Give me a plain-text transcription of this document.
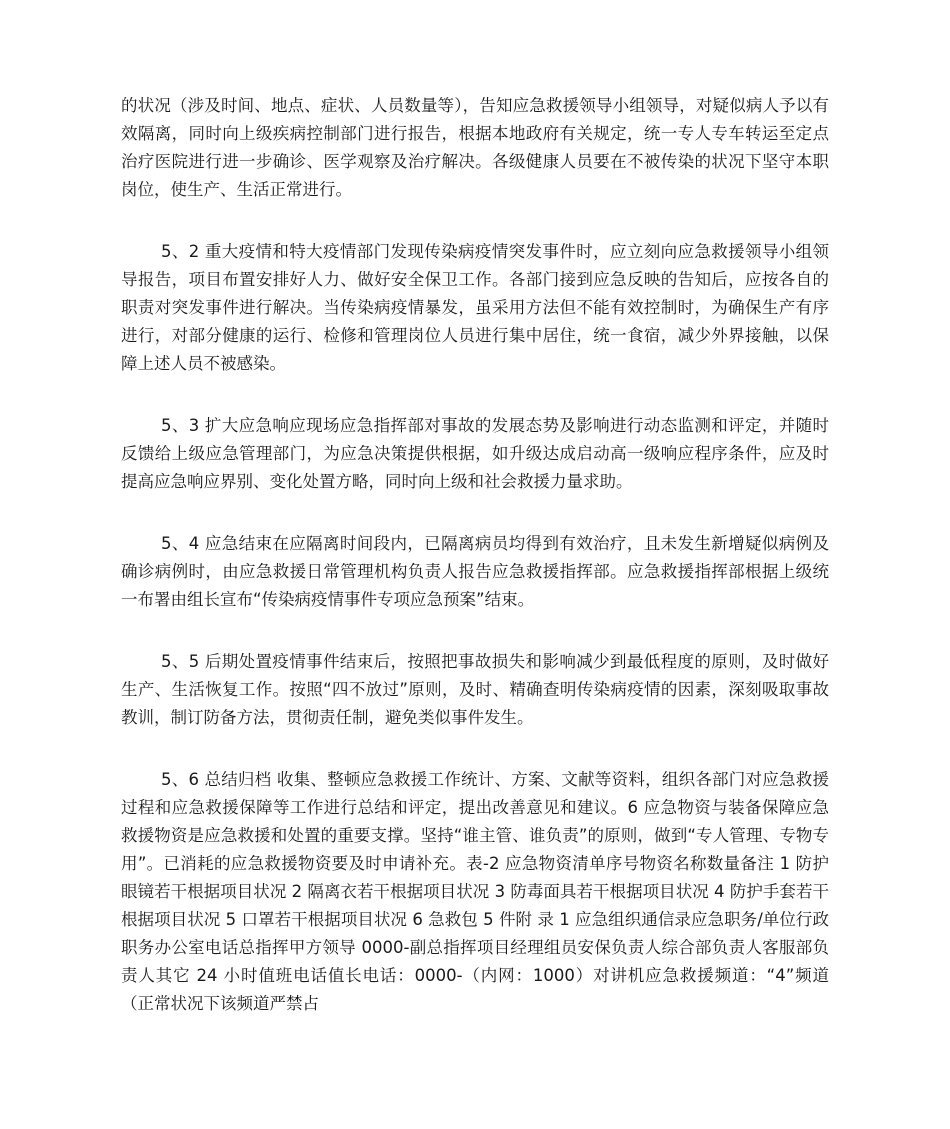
的状况（涉及时间、地点、症状、人员数量等），告知应急救援领导小组领导，对疑似病人予以有效隔离，同时向上级疾病控制部门进行报告，根据本地政府有关规定，统一专人专车转运至定点治疗医院进行进一步确诊、医学观察及治疗解决。各级健康人员要在不被传染的状况下坚守本职岗位，使生产、生活正常进行。

5、2 重大疫情和特大疫情部门发现传染病疫情突发事件时，应立刻向应急救援领导小组领导报告，项目布置安排好人力、做好安全保卫工作。各部门接到应急反映的告知后，应按各自的职责对突发事件进行解决。当传染病疫情暴发，虽采用方法但不能有效控制时，为确保生产有序进行，对部分健康的运行、检修和管理岗位人员进行集中居住，统一食宿，减少外界接触，以保障上述人员不被感染。

5、3 扩大应急响应现场应急指挥部对事故的发展态势及影响进行动态监测和评定，并随时反馈给上级应急管理部门，为应急决策提供根据，如升级达成启动高一级响应程序条件，应及时提高应急响应界别、变化处置方略，同时向上级和社会救援力量求助。

5、4 应急结束在应隔离时间段内，已隔离病员均得到有效治疗，且未发生新增疑似病例及确诊病例时，由应急救援日常管理机构负责人报告应急救援指挥部。应急救援指挥部根据上级统一布署由组长宣布“传染病疫情事件专项应急预案”结束。

5、5 后期处置疫情事件结束后，按照把事故损失和影响减少到最低程度的原则，及时做好生产、生活恢复工作。按照“四不放过”原则，及时、精确查明传染病疫情的因素，深刻吸取事故教训，制订防备方法，贯彻责任制，避免类似事件发生。

5、6 总结归档 收集、整顿应急救援工作统计、方案、文献等资料，组织各部门对应急救援过程和应急救援保障等工作进行总结和评定，提出改善意见和建议。6 应急物资与装备保障应急救援物资是应急救援和处置的重要支撑。坚持“谁主管、谁负责”的原则，做到“专人管理、专物专用”。已消耗的应急救援物资要及时申请补充。表-2 应急物资清单序号物资名称数量备注 1 防护眼镜若干根据项目状况 2 隔离衣若干根据项目状况 3 防毒面具若干根据项目状况 4 防护手套若干根据项目状况 5 口罩若干根据项目状况 6 急救包 5 件附 录 1 应急组织通信录应急职务/单位行政职务办公室电话总指挥甲方领导 0000-副总指挥项目经理组员安保负责人综合部负责人客服部负责人其它 24 小时值班电话值长电话：0000-（内网：1000）对讲机应急救援频道：“4”频道（正常状况下该频道严禁占
